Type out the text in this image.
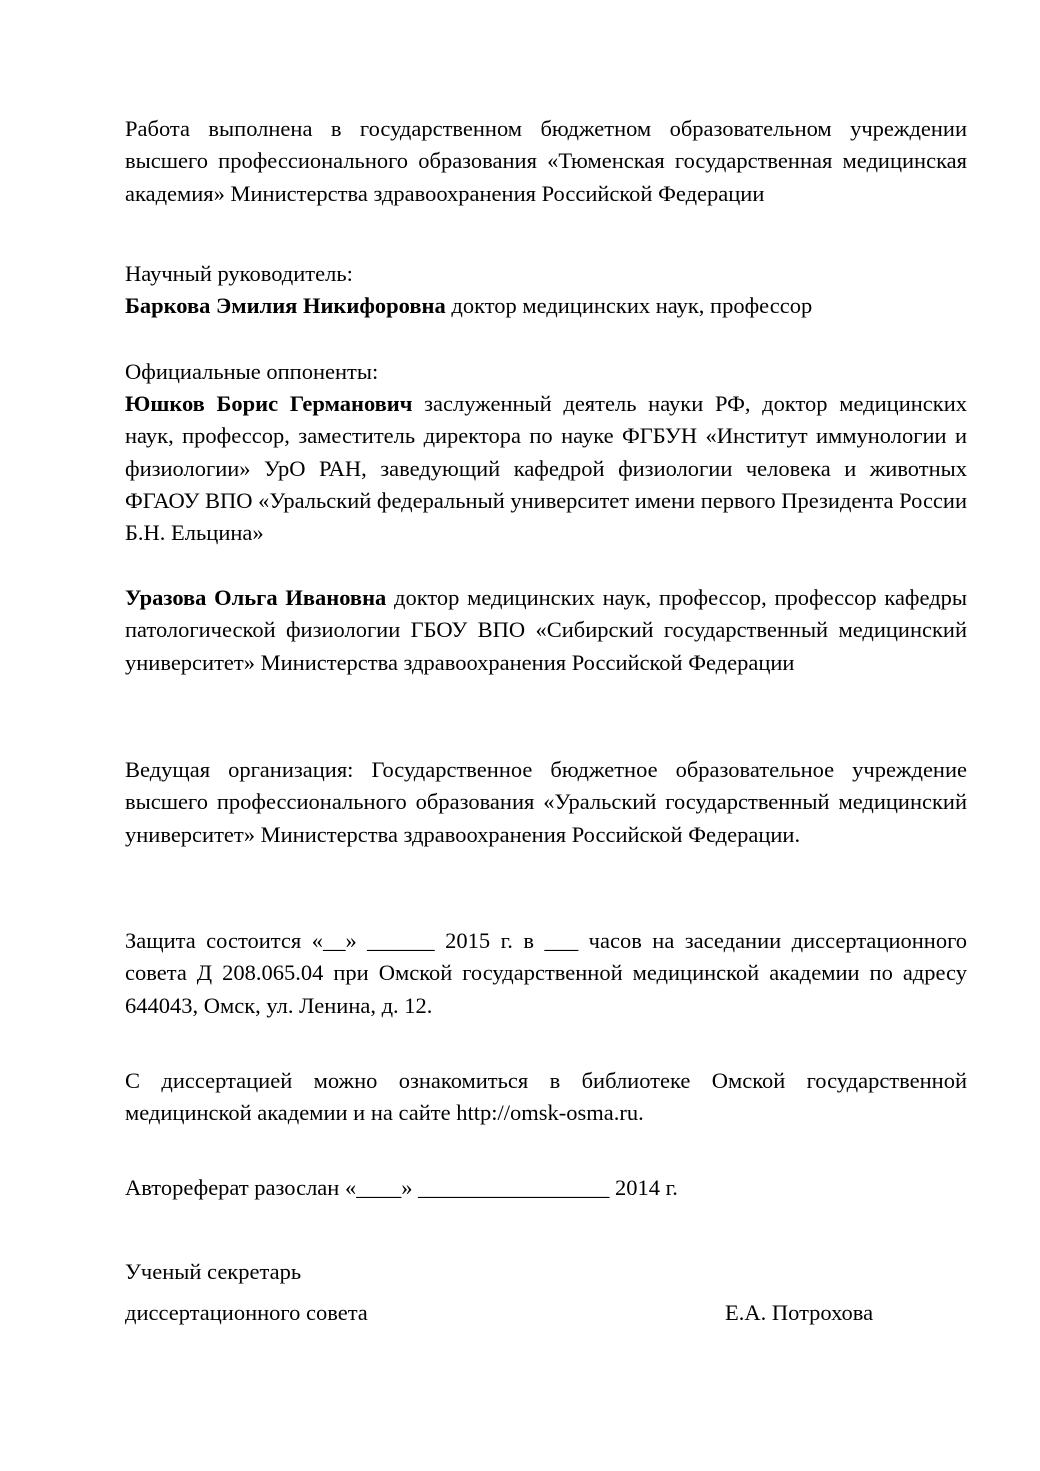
Работа выполнена в государственном бюджетном образовательном учреждении высшего профессионального образования «Тюменская государственная медицинская академия» Министерства здравоохранения Российской Федерации

Научный руководитель:

Баркова Эмилия Никифоровна доктор медицинских наук, профессор

Официальные оппоненты:

Юшков Борис Германович заслуженный деятель науки РФ, доктор медицинских наук, профессор, заместитель директора по науке ФГБУН «Институт иммунологии и физиологии» УрО РАН, заведующий кафедрой физиологии человека и животных ФГАОУ ВПО «Уральский федеральный университет имени первого Президента России Б.Н. Ельцина»

Уразова Ольга Ивановна доктор медицинских наук, профессор, профессор кафедры патологической физиологии ГБОУ ВПО «Сибирский государственный медицинский университет» Министерства здравоохранения Российской Федерации

Ведущая организация: Государственное бюджетное образовательное учреждение высшего профессионального образования «Уральский государственный медицинский университет» Министерства здравоохранения Российской Федерации.

Защита состоится «__» ______ 2015 г. в ___ часов на заседании диссертационного совета Д 208.065.04 при Омской государственной медицинской академии по адресу 644043, Омск, ул. Ленина, д. 12.

С диссертацией можно ознакомиться в библиотеке Омской государственной медицинской академии и на сайте http://omsk-osma.ru.

Автореферат разослан «____» _________________ 2014 г.

Ученый секретарь

диссертационного совета	Е.А. Потрохова
